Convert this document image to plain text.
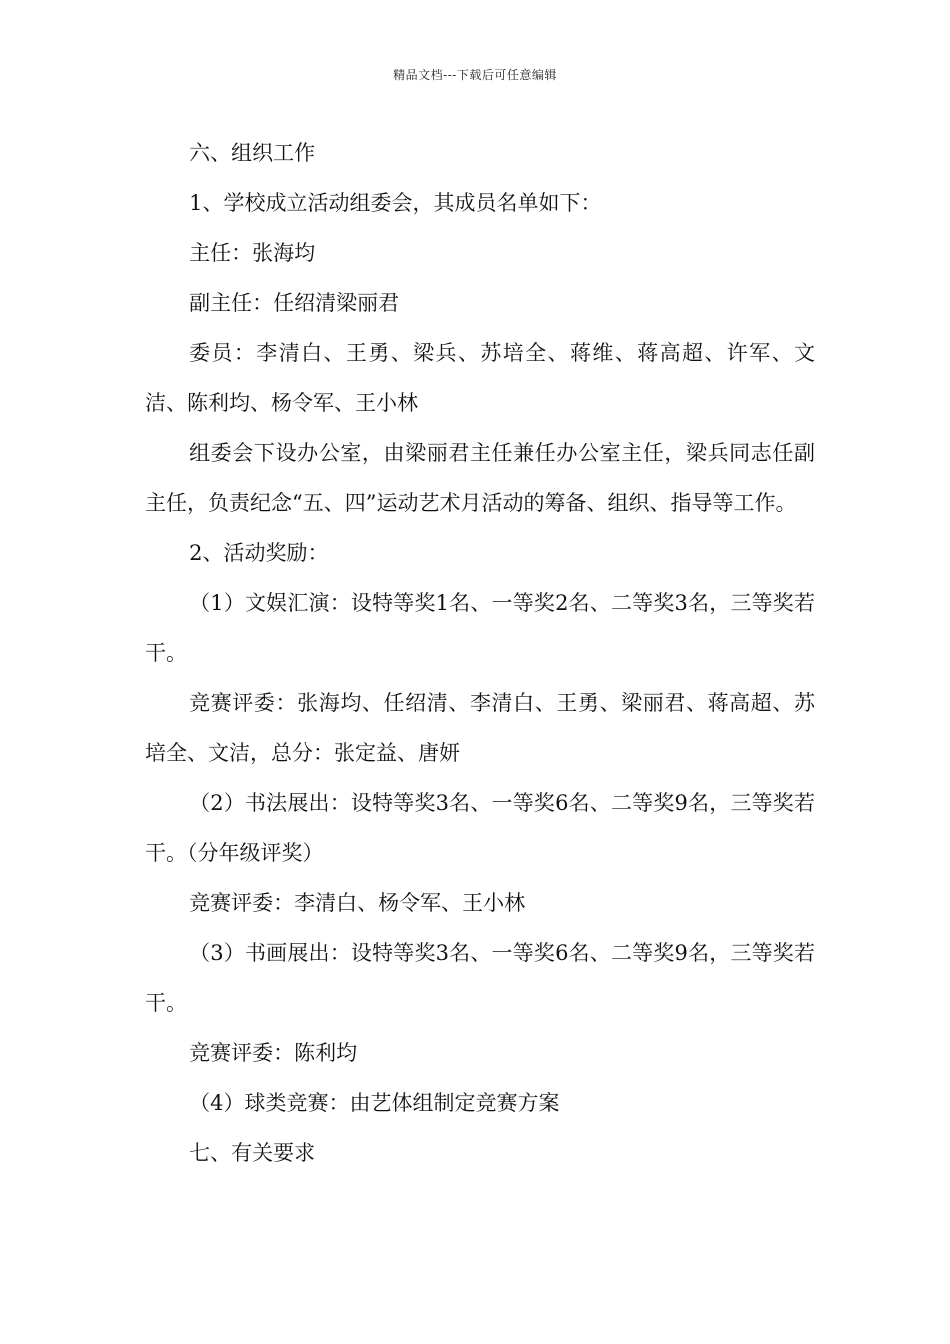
精品文档---下载后可任意编辑

六、组织工作

1、学校成立活动组委会，其成员名单如下：

主任：张海均

副主任：任绍清梁丽君

委员：李清白、王勇、梁兵、苏培全、蒋维、蒋高超、许军、文洁、陈利均、杨令军、王小林

组委会下设办公室，由梁丽君主任兼任办公室主任，梁兵同志任副主任，负责纪念“五、四”运动艺术月活动的筹备、组织、指导等工作。

2、活动奖励：

（1）文娱汇演：设特等奖1名、一等奖2名、二等奖3名，三等奖若干。

竞赛评委：张海均、任绍清、李清白、王勇、梁丽君、蒋高超、苏培全、文洁，总分：张定益、唐妍

（2）书法展出：设特等奖3名、一等奖6名、二等奖9名，三等奖若干。（分年级评奖）

竞赛评委：李清白、杨令军、王小林

（3）书画展出：设特等奖3名、一等奖6名、二等奖9名，三等奖若干。

竞赛评委：陈利均

（4）球类竞赛：由艺体组制定竞赛方案

七、有关要求
